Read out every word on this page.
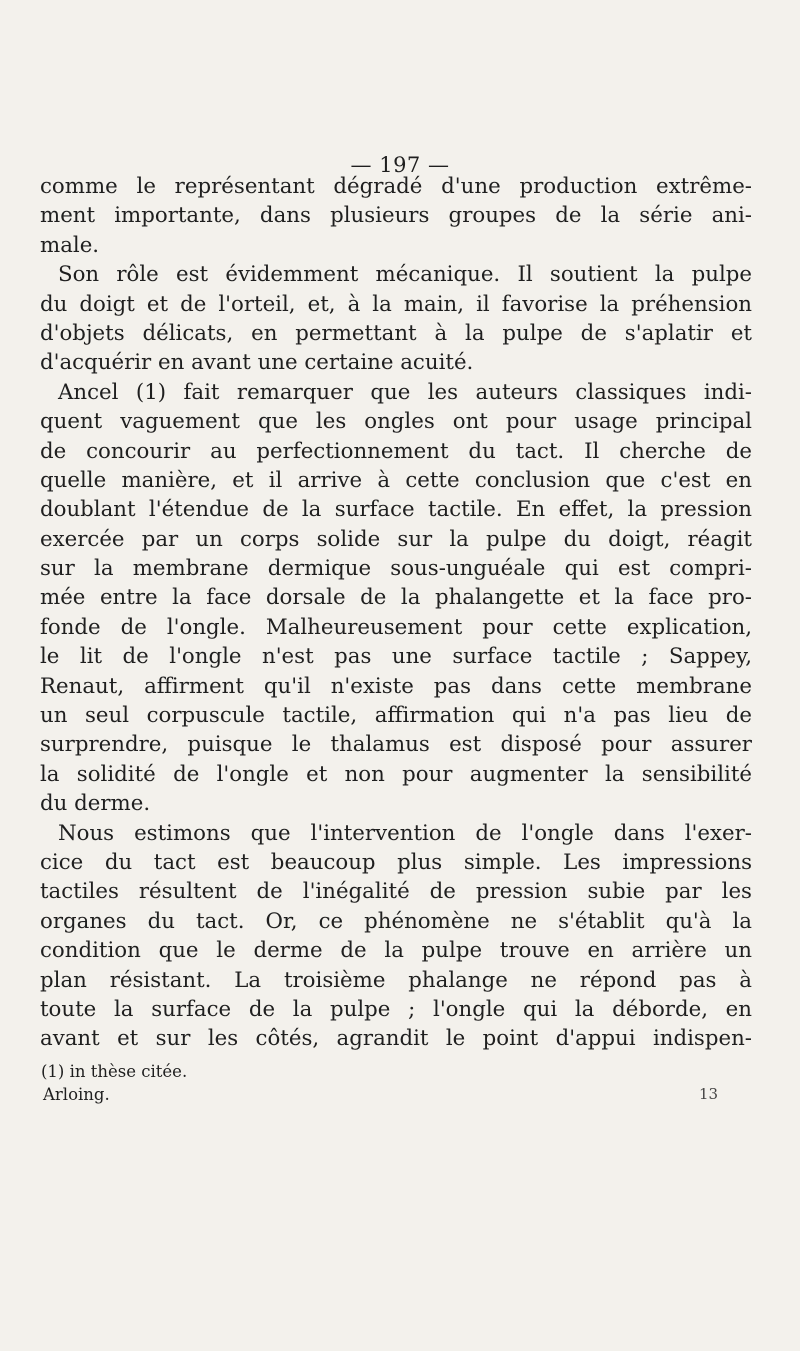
— 197 —
comme le représentant dégradé d'une production extrême-
ment importante, dans plusieurs groupes de la série ani-
male.
Son rôle est évidemment mécanique. Il soutient la pulpe
du doigt et de l'orteil, et, à la main, il favorise la préhension
d'objets délicats, en permettant à la pulpe de s'aplatir et
d'acquérir en avant une certaine acuité.
Ancel (1) fait remarquer que les auteurs classiques indi-
quent vaguement que les ongles ont pour usage principal
de concourir au perfectionnement du tact. Il cherche de
quelle manière, et il arrive à cette conclusion que c'est en
doublant l'étendue de la surface tactile. En effet, la pression
exercée par un corps solide sur la pulpe du doigt, réagit
sur la membrane dermique sous-unguéale qui est compri-
mée entre la face dorsale de la phalangette et la face pro-
fonde de l'ongle. Malheureusement pour cette explication,
le lit de l'ongle n'est pas une surface tactile ; Sappey,
Renaut, affirment qu'il n'existe pas dans cette membrane
un seul corpuscule tactile, affirmation qui n'a pas lieu de
surprendre, puisque le thalamus est disposé pour assurer
la solidité de l'ongle et non pour augmenter la sensibilité
du derme.
Nous estimons que l'intervention de l'ongle dans l'exer-
cice du tact est beaucoup plus simple. Les impressions
tactiles résultent de l'inégalité de pression subie par les
organes du tact. Or, ce phénomène ne s'établit qu'à la
condition que le derme de la pulpe trouve en arrière un
plan résistant. La troisième phalange ne répond pas à
toute la surface de la pulpe ; l'ongle qui la déborde, en
avant et sur les côtés, agrandit le point d'appui indispen-
(1) in thèse citée.
Arloing.	13
